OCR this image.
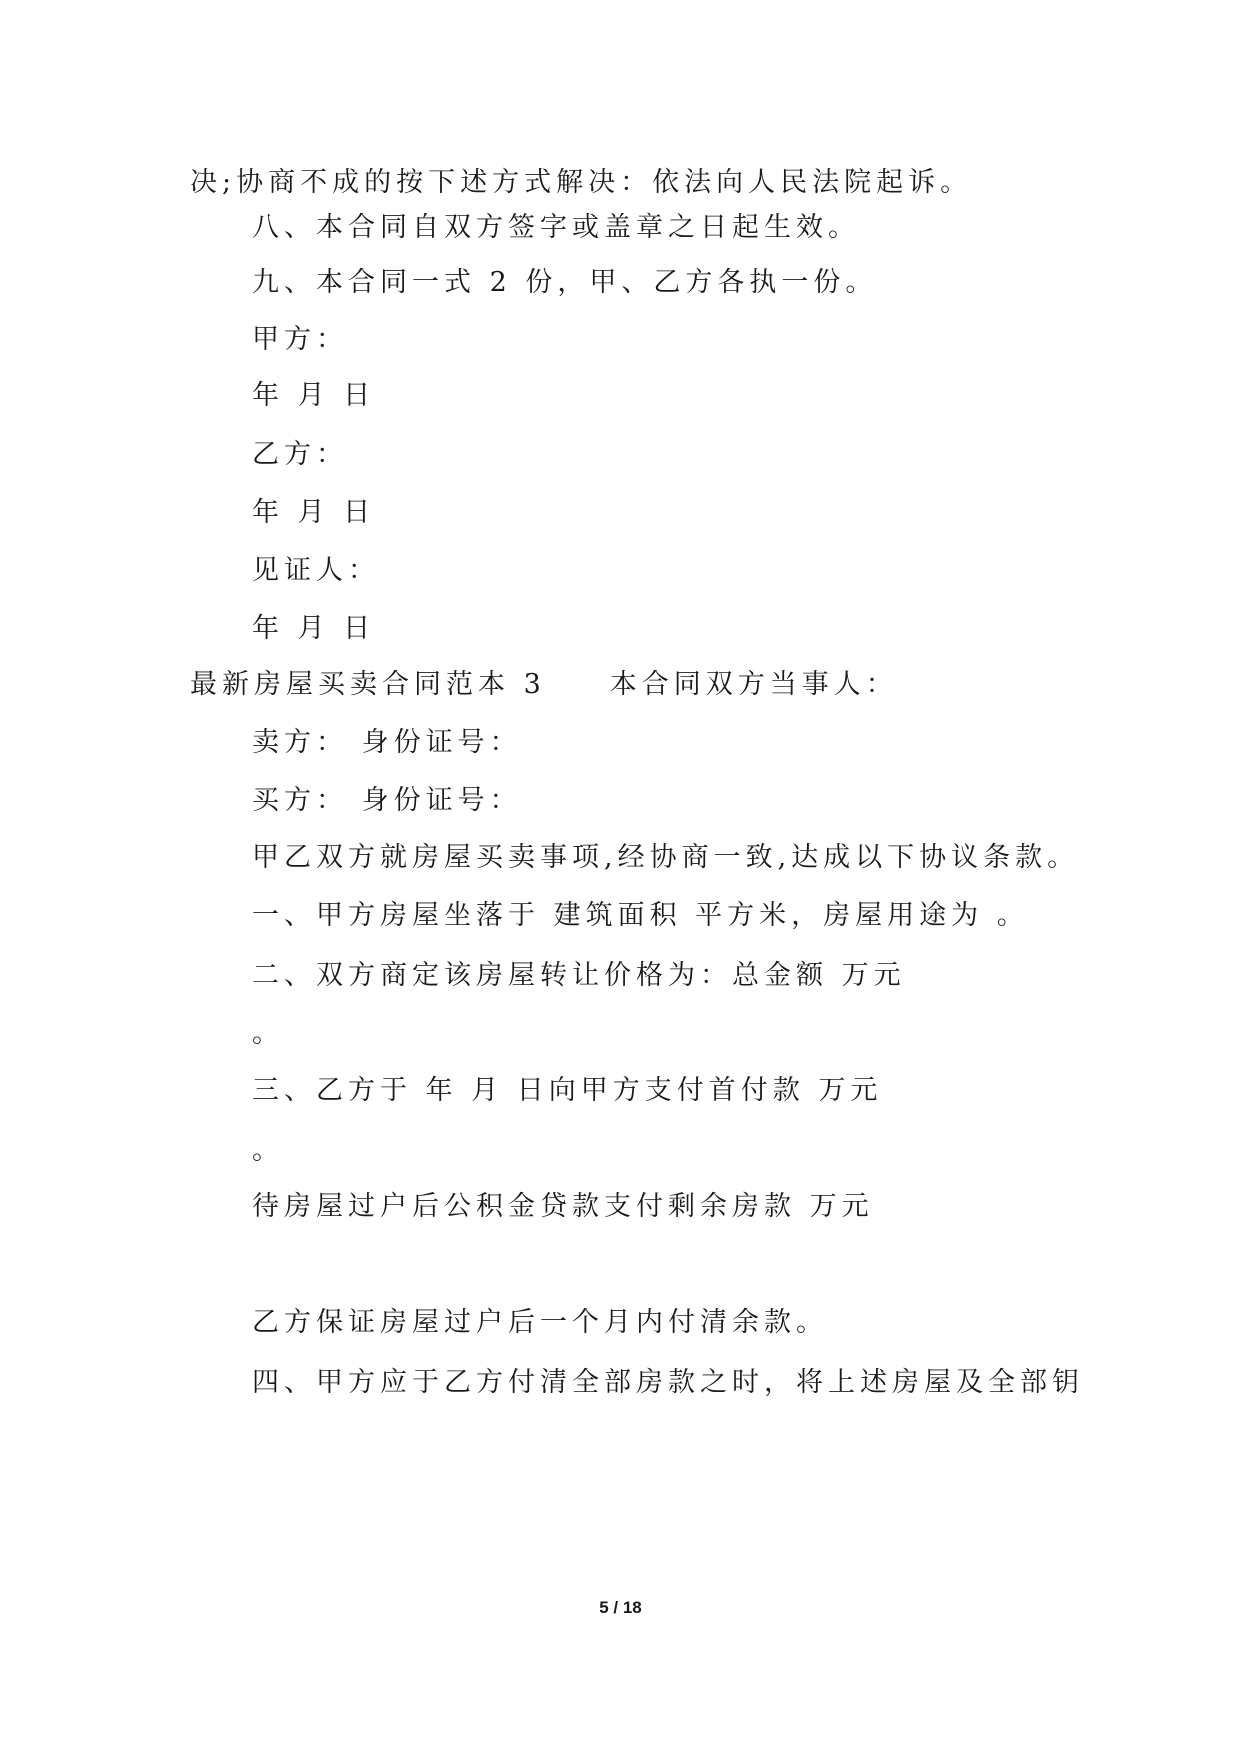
决;协商不成的按下述方式解决：依法向人民法院起诉。
八、本合同自双方签字或盖章之日起生效。
九、本合同一式 2 份，甲、乙方各执一份。
甲方：
年 月 日
乙方：
年 月 日
见证人：
年 月 日
最新房屋买卖合同范本 3　　本合同双方当事人：
卖方： 身份证号：
买方： 身份证号：
甲乙双方就房屋买卖事项,经协商一致,达成以下协议条款。
一、甲方房屋坐落于 建筑面积 平方米，房屋用途为 。
二、双方商定该房屋转让价格为：总金额 万元
。
三、乙方于 年 月 日向甲方支付首付款 万元
。
待房屋过户后公积金贷款支付剩余房款 万元
乙方保证房屋过户后一个月内付清余款。
四、甲方应于乙方付清全部房款之时，将上述房屋及全部钥
5 / 18
